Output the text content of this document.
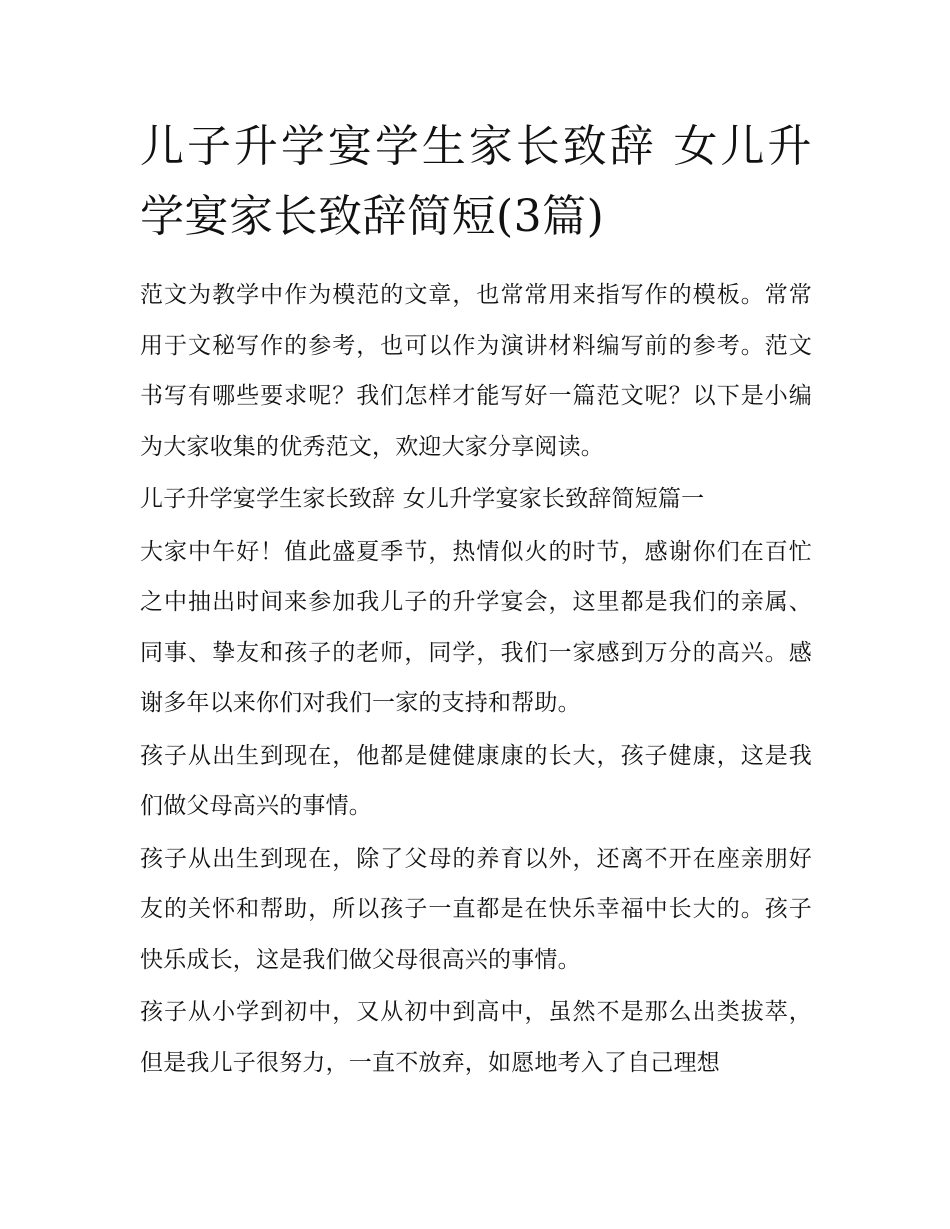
儿子升学宴学生家长致辞 女儿升学宴家长致辞简短(3篇)

范文为教学中作为模范的文章，也常常用来指写作的模板。常常用于文秘写作的参考，也可以作为演讲材料编写前的参考。范文书写有哪些要求呢？我们怎样才能写好一篇范文呢？以下是小编为大家收集的优秀范文，欢迎大家分享阅读。

儿子升学宴学生家长致辞 女儿升学宴家长致辞简短篇一

大家中午好！值此盛夏季节，热情似火的时节，感谢你们在百忙之中抽出时间来参加我儿子的升学宴会，这里都是我们的亲属、同事、挚友和孩子的老师，同学，我们一家感到万分的高兴。感谢多年以来你们对我们一家的支持和帮助。

孩子从出生到现在，他都是健健康康的长大，孩子健康，这是我们做父母高兴的事情。

孩子从出生到现在，除了父母的养育以外，还离不开在座亲朋好友的关怀和帮助，所以孩子一直都是在快乐幸福中长大的。孩子快乐成长，这是我们做父母很高兴的事情。

孩子从小学到初中，又从初中到高中，虽然不是那么出类拔萃，但是我儿子很努力，一直不放弃，如愿地考入了自己理想
